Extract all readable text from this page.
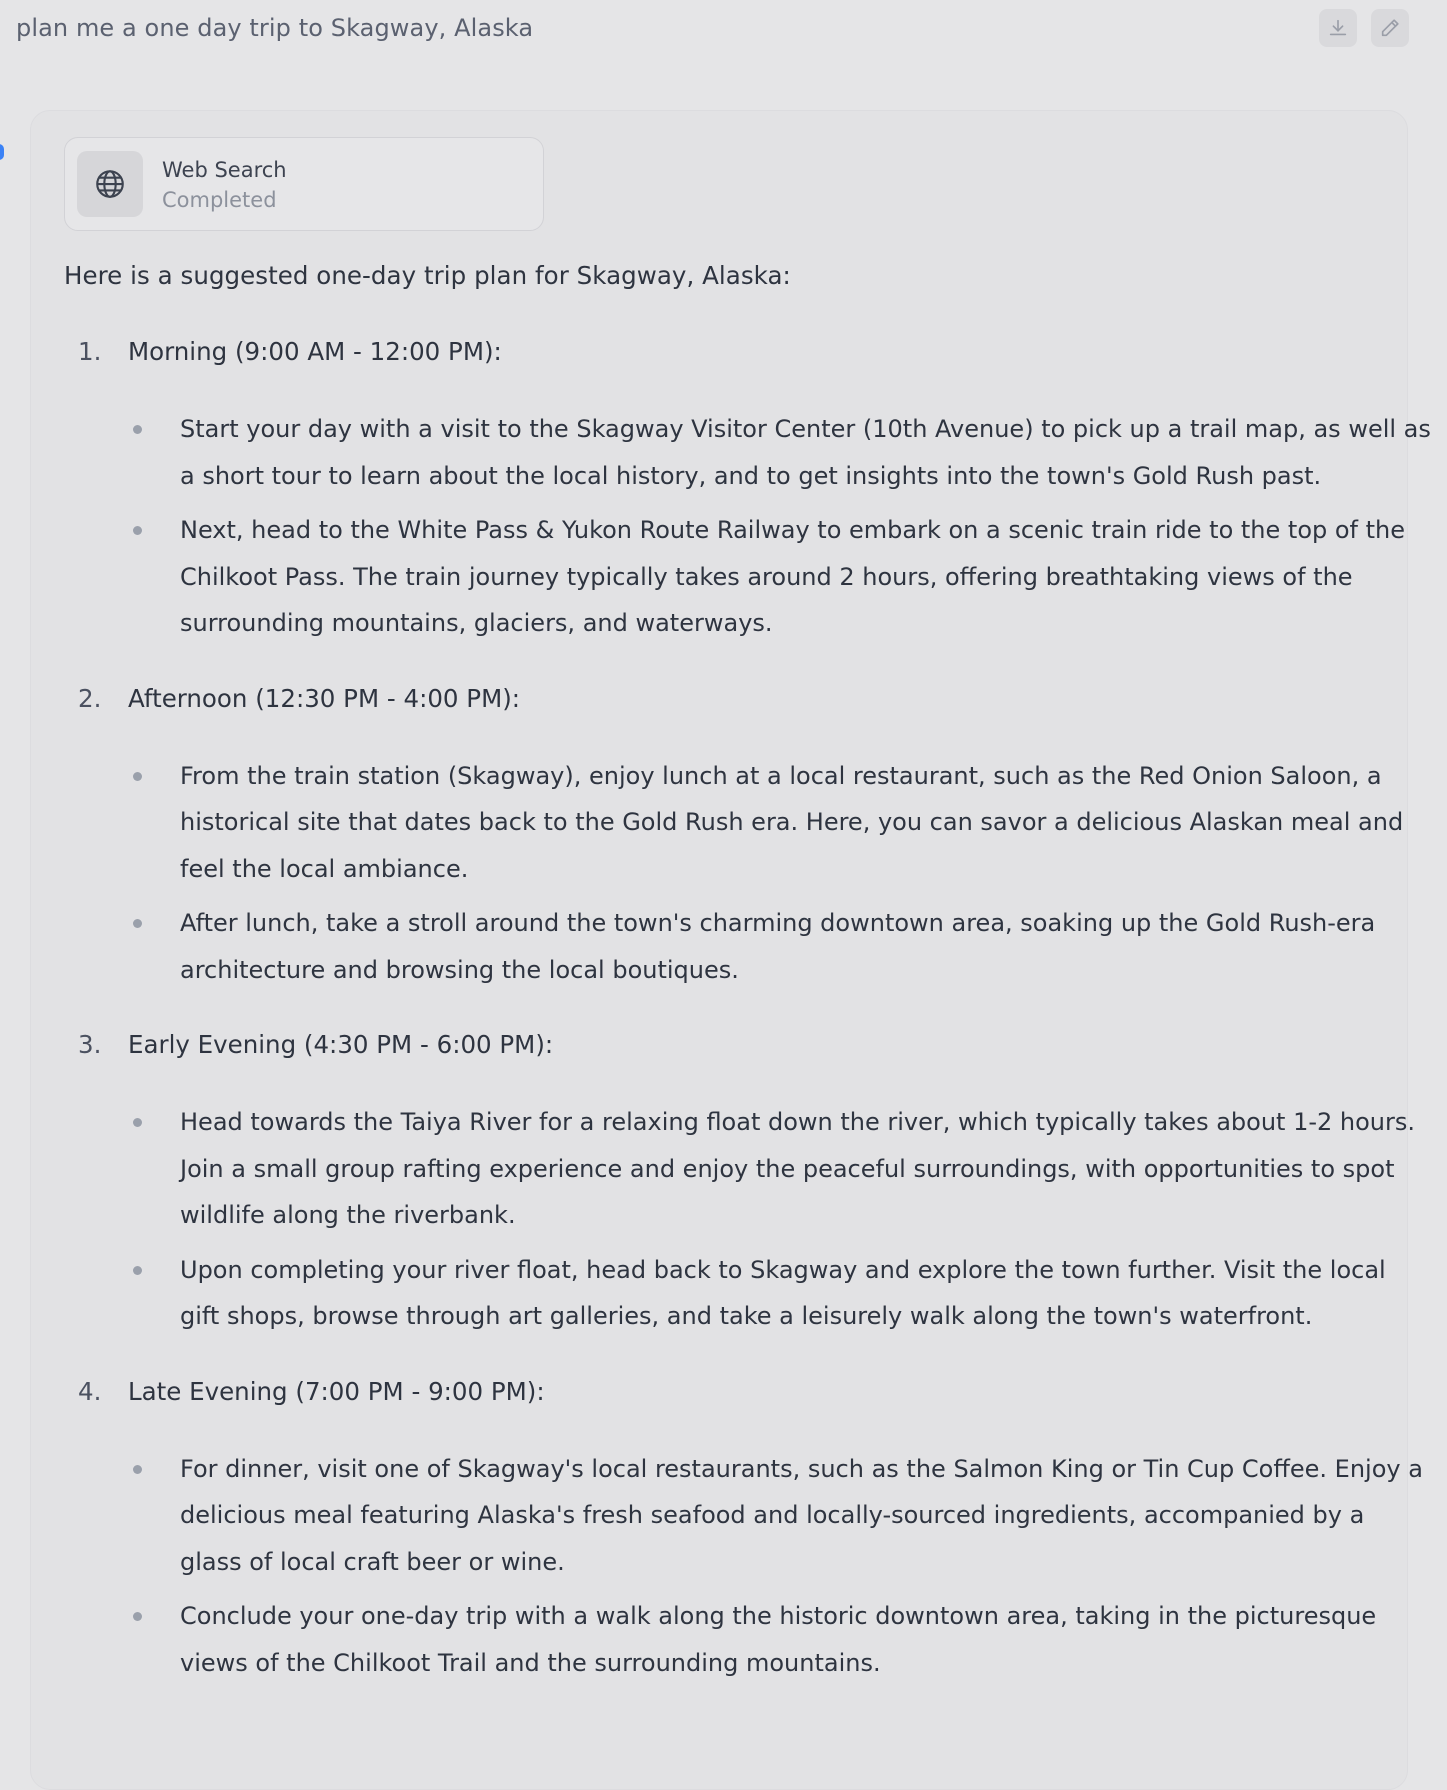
plan me a one day trip to Skagway, Alaska
Web Search
Completed
Here is a suggested one-day trip plan for Skagway, Alaska:
1. Morning (9:00 AM - 12:00 PM):
Start your day with a visit to the Skagway Visitor Center (10th Avenue) to pick up a trail map, as well as
a short tour to learn about the local history, and to get insights into the town's Gold Rush past.
Next, head to the White Pass & Yukon Route Railway to embark on a scenic train ride to the top of the
Chilkoot Pass. The train journey typically takes around 2 hours, offering breathtaking views of the
surrounding mountains, glaciers, and waterways.
2. Afternoon (12:30 PM - 4:00 PM):
From the train station (Skagway), enjoy lunch at a local restaurant, such as the Red Onion Saloon, a
historical site that dates back to the Gold Rush era. Here, you can savor a delicious Alaskan meal and
feel the local ambiance.
After lunch, take a stroll around the town's charming downtown area, soaking up the Gold Rush-era
architecture and browsing the local boutiques.
3. Early Evening (4:30 PM - 6:00 PM):
Head towards the Taiya River for a relaxing float down the river, which typically takes about 1-2 hours.
Join a small group rafting experience and enjoy the peaceful surroundings, with opportunities to spot
wildlife along the riverbank.
Upon completing your river float, head back to Skagway and explore the town further. Visit the local
gift shops, browse through art galleries, and take a leisurely walk along the town's waterfront.
4. Late Evening (7:00 PM - 9:00 PM):
For dinner, visit one of Skagway's local restaurants, such as the Salmon King or Tin Cup Coffee. Enjoy a
delicious meal featuring Alaska's fresh seafood and locally-sourced ingredients, accompanied by a
glass of local craft beer or wine.
Conclude your one-day trip with a walk along the historic downtown area, taking in the picturesque
views of the Chilkoot Trail and the surrounding mountains.
